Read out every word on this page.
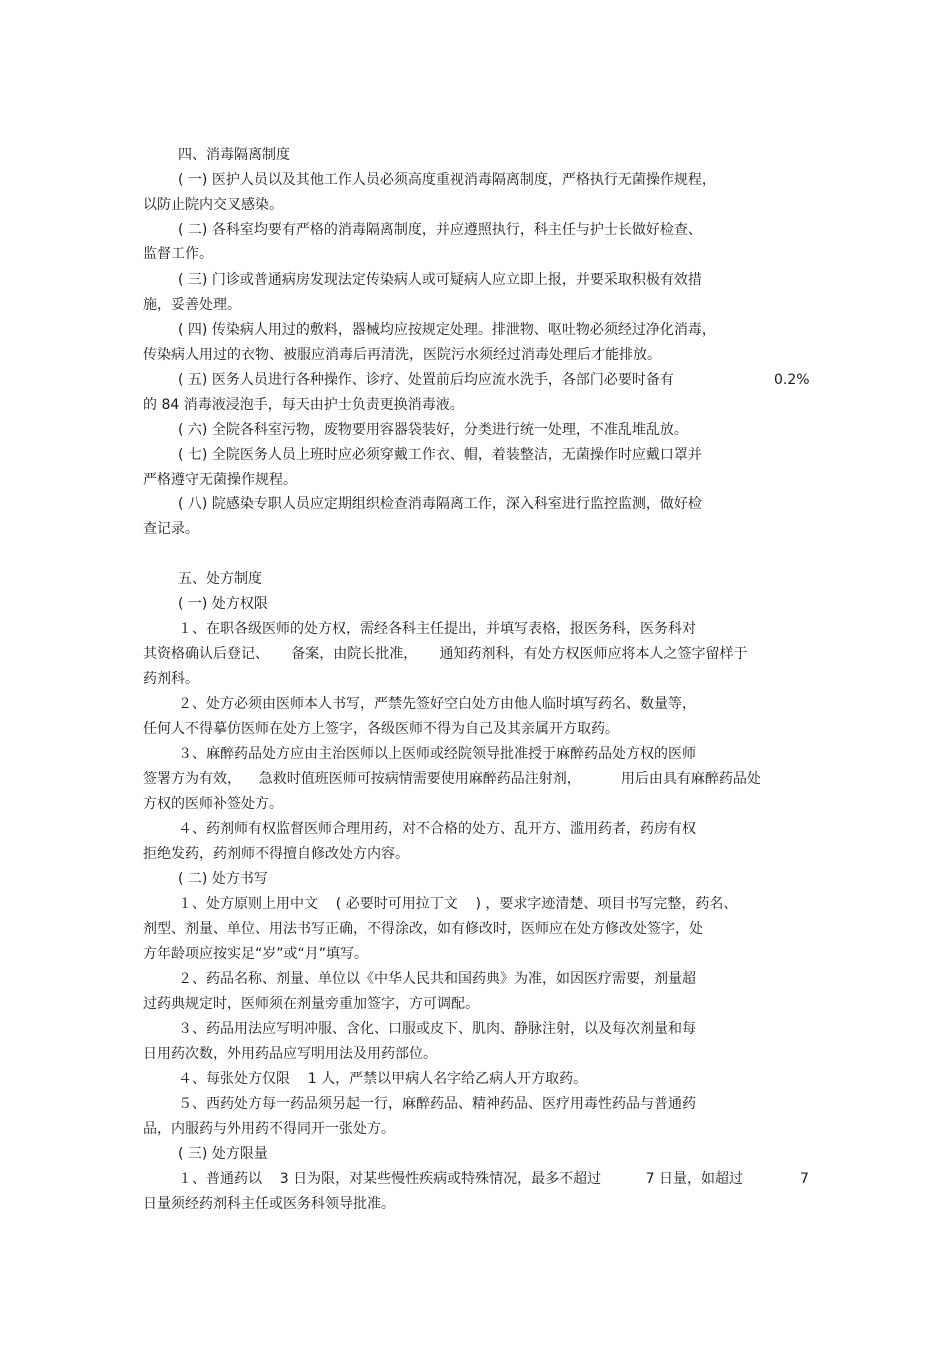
四、消毒隔离制度
( 一) 医护人员以及其他工作人员必须高度重视消毒隔离制度，严格执行无菌操作规程，
以防止院内交叉感染。
( 二) 各科室均要有严格的消毒隔离制度，并应遵照执行，科主任与护士长做好检查、
监督工作。
( 三) 门诊或普通病房发现法定传染病人或可疑病人应立即上报，并要采取积极有效措
施，妥善处理。
( 四) 传染病人用过的敷料，器械均应按规定处理。排泄物、呕吐物必须经过净化消毒，
传染病人用过的衣物、被服应消毒后再清洗，医院污水须经过消毒处理后才能排放。
( 五) 医务人员进行各种操作、诊疗、处置前后均应流水洗手，各部门必要时备有	0.2%
的 84 消毒液浸泡手，每天由护士负责更换消毒液。
( 六) 全院各科室污物，废物要用容器袋装好，分类进行统一处理，不准乱堆乱放。
( 七) 全院医务人员上班时应必须穿戴工作衣、帽，着装整洁，无菌操作时应戴口罩并
严格遵守无菌操作规程。
( 八) 院感染专职人员应定期组织检查消毒隔离工作，深入科室进行监控监测，做好检
查记录。
五、处方制度
( 一) 处方权限
１、在职各级医师的处方权，需经各科主任提出，并填写表格，报医务科，医务科对
其资格确认后登记、     备案，由院长批准，     通知药剂科，有处方权医师应将本人之签字留样于
药剂科。
２、处方必须由医师本人书写，严禁先签好空白处方由他人临时填写药名、数量等，
任何人不得摹仿医师在处方上签字，各级医师不得为自己及其亲属开方取药。
３、麻醉药品处方应由主治医师以上医师或经院领导批准授于麻醉药品处方权的医师
签署方为有效，    急救时值班医师可按病情需要使用麻醉药品注射剂，         用后由具有麻醉药品处
方权的医师补签处方。
４、药剂师有权监督医师合理用药，对不合格的处方、乱开方、滥用药者，药房有权
拒绝发药，药剂师不得擅自修改处方内容。
( 二) 处方书写
１、处方原则上用中文    ( 必要时可用拉丁文    ) ，要求字迹清楚、项目书写完整，药名、
剂型、剂量、单位、用法书写正确，不得涂改，如有修改时，医师应在处方修改处签字，处
方年龄项应按实足“岁”或“月”填写。
２、药品名称、剂量、单位以《中华人民共和国药典》为准，如因医疗需要，剂量超
过药典规定时，医师须在剂量旁重加签字，方可调配。
３、药品用法应写明冲服、含化、口服或皮下、肌肉、静脉注射，以及每次剂量和每
日用药次数，外用药品应写明用法及用药部位。
４、每张处方仅限    1 人，严禁以甲病人名字给乙病人开方取药。
５、西药处方每一药品须另起一行，麻醉药品、精神药品、医疗用毒性药品与普通药
品，内服药与外用药不得同开一张处方。
( 三) 处方限量
１、普通药以    3 日为限，对某些慢性疾病或特殊情况，最多不超过          7 日量，如超过	7
日量须经药剂科主任或医务科领导批准。
